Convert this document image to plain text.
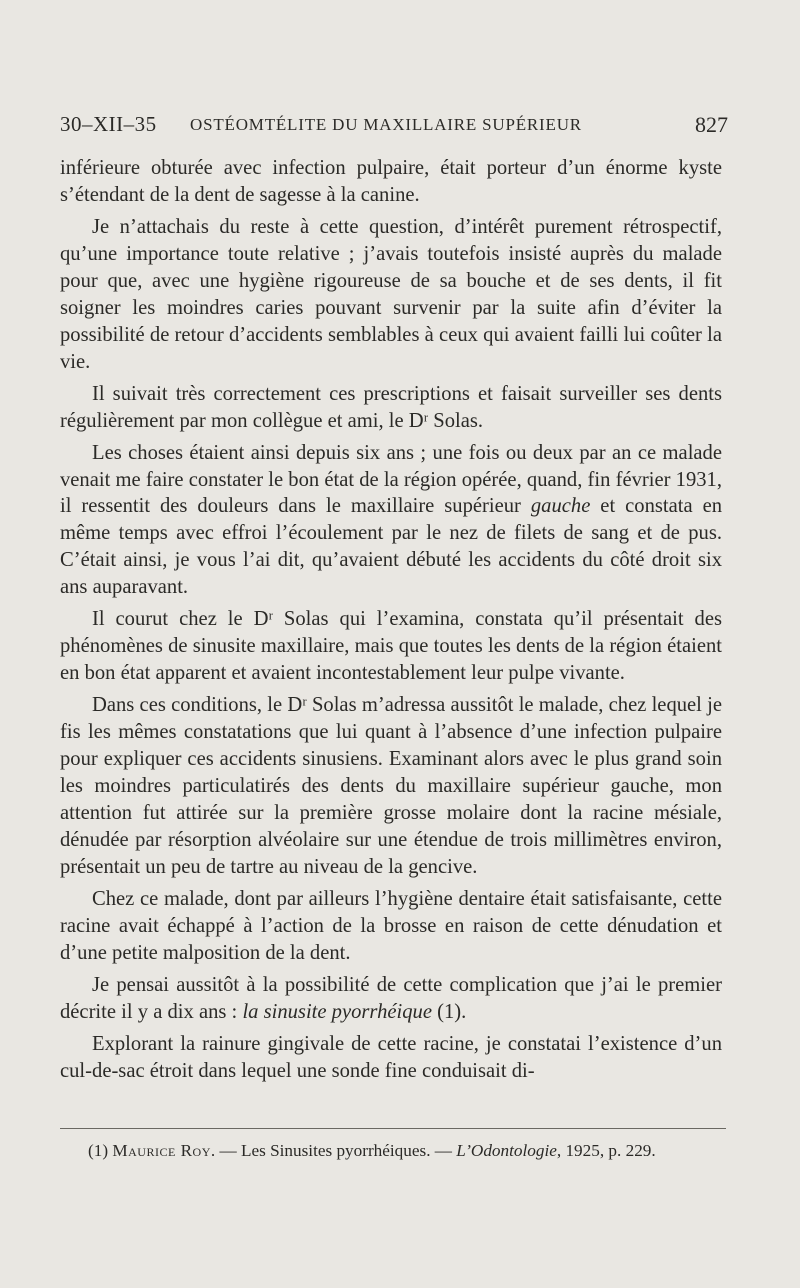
30–XII–35 OSTÉOMTÉLITE DU MAXILLAIRE SUPÉRIEUR	827

inférieure obturée avec infection pulpaire, était porteur d’un énorme kyste s’étendant de la dent de sagesse à la canine.

Je n’attachais du reste à cette question, d’intérêt purement rétrospectif, qu’une importance toute relative ; j’avais toutefois insisté auprès du malade pour que, avec une hygiène rigoureuse de sa bouche et de ses dents, il fit soigner les moindres caries pouvant survenir par la suite afin d’éviter la possibilité de retour d’accidents semblables à ceux qui avaient failli lui coûter la vie.

Il suivait très correctement ces prescriptions et faisait surveiller ses dents régulièrement par mon collègue et ami, le Dʳ Solas.

Les choses étaient ainsi depuis six ans ; une fois ou deux par an ce malade venait me faire constater le bon état de la région opérée, quand, fin février 1931, il ressentit des douleurs dans le maxillaire supérieur gauche et constata en même temps avec effroi l’écoulement par le nez de filets de sang et de pus. C’était ainsi, je vous l’ai dit, qu’avaient débuté les accidents du côté droit six ans auparavant.

Il courut chez le Dʳ Solas qui l’examina, constata qu’il présentait des phénomènes de sinusite maxillaire, mais que toutes les dents de la région étaient en bon état apparent et avaient incontestablement leur pulpe vivante.

Dans ces conditions, le Dʳ Solas m’adressa aussitôt le malade, chez lequel je fis les mêmes constatations que lui quant à l’absence d’une infection pulpaire pour expliquer ces accidents sinusiens. Examinant alors avec le plus grand soin les moindres particulatirés des dents du maxillaire supérieur gauche, mon attention fut attirée sur la première grosse molaire dont la racine mésiale, dénudée par résorption alvéolaire sur une étendue de trois millimètres environ, présentait un peu de tartre au niveau de la gencive.

Chez ce malade, dont par ailleurs l’hygiène dentaire était satisfaisante, cette racine avait échappé à l’action de la brosse en raison de cette dénudation et d’une petite malposition de la dent.

Je pensai aussitôt à la possibilité de cette complication que j’ai le premier décrite il y a dix ans : la sinusite pyorrhéique (1).

Explorant la rainure gingivale de cette racine, je constatai l’existence d’un cul-de-sac étroit dans lequel une sonde fine conduisait di-

(1) Maurice Roy. — Les Sinusites pyorrhéiques. — L’Odontologie, 1925, p. 229.
